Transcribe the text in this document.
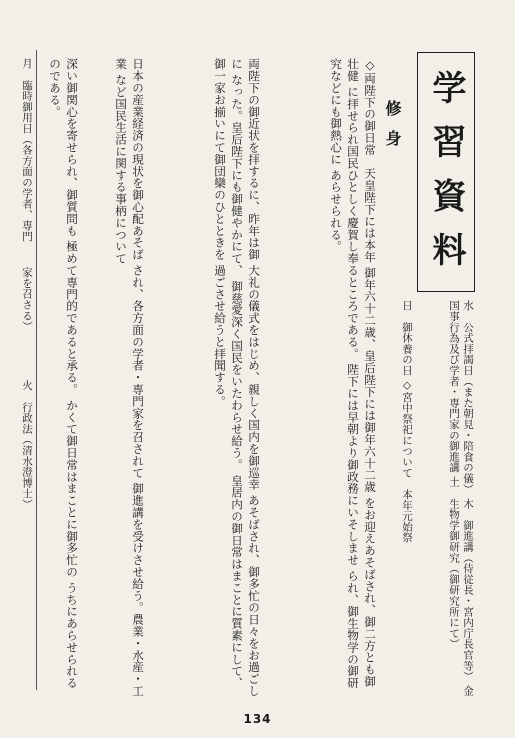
学習資料
修身
◇両陛下の御日常　天皇陛下には本年 御年六十二歳、皇后陛下には御年六十二歳 をお迎えあそばされ、御二方とも御壮健 に拝せられ国民ひとしく慶賀し奉るところである。 陛下には早朝より御政務にいそしませ られ、御生物学の御研究などにも御熱心に あらせられる。
両陛下の御近状を拝するに、昨年は御 大礼の儀式をはじめ、親しく国内を御巡幸 あそばされ、御多忙の日々をお過ごしに なった。皇后陛下にも御健やかにて、 御慈愛深く国民をいたわらせ給う。 皇居内の御日常はまことに質素にして、 御一家お揃いにて御団欒のひとときを 過ごさせ給うと拝聞する。
日本の産業経済の現状を御心配あそば され、各方面の学者・専門家を召されて 御進講を受けさせ給う。農業・水産・工業 など国民生活に関する事柄について
深い御関心を寄せられ、御質問も 極めて専門的であると承る。 かくて御日常はまことに御多忙の うちにあらせられるのである。
月　臨時御用日（各方面の学者、専門 　　家を召さる）
水　公式拝謁日（また朝見・陪食の儀） 木　御進講（侍従長・宮内庁長官等） 金　国事行為及び学者・専門家の御進講 土　生物学御研究（御研究所にて）
日　御休養の日 ◇宮中祭祀について　本年元始祭
火　行政法（清水澄博士）
134
